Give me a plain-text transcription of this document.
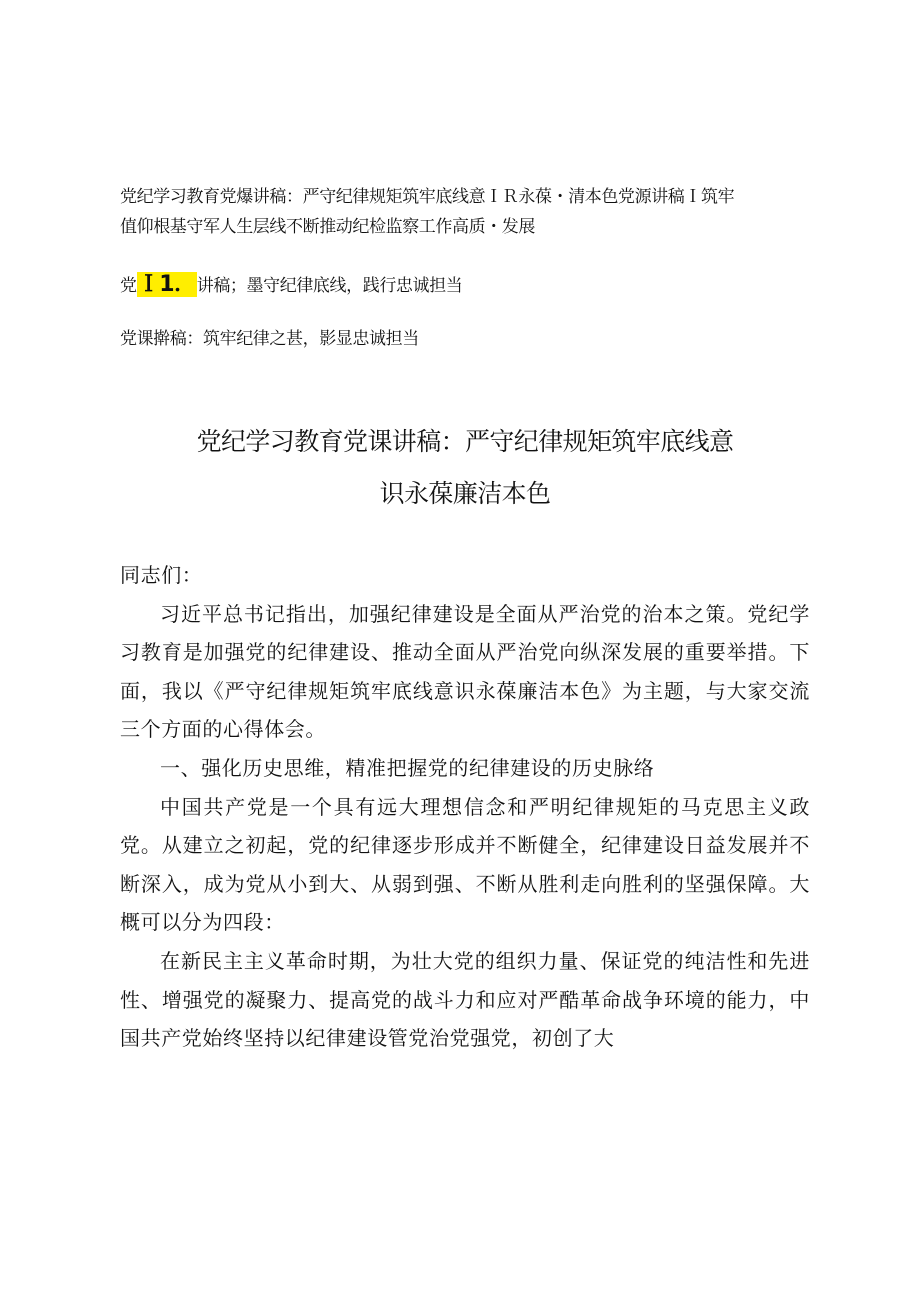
党纪学习教育党爆讲稿：严守纪律规矩筑牢底线意ＩＲ永葆・清本色党源讲稿Ｉ筑牢
值仰根基守军人生层线不断推动纪检监察工作高质・发展
党Ｉ1．讲稿；墨守纪律底线，践行忠诚担当
党课擀稿：筑牢纪律之甚，影显忠诚担当
党纪学习教育党课讲稿：严守纪律规矩筑牢底线意
识永葆廉洁本色

同志们：

习近平总书记指出，加强纪律建设是全面从严治党的治本之策。党纪学习教育是加强党的纪律建设、推动全面从严治党向纵深发展的重要举措。下面，我以《严守纪律规矩筑牢底线意识永葆廉洁本色》为主题，与大家交流三个方面的心得体会。

一、强化历史思维，精准把握党的纪律建设的历史脉络

中国共产党是一个具有远大理想信念和严明纪律规矩的马克思主义政党。从建立之初起，党的纪律逐步形成并不断健全，纪律建设日益发展并不断深入，成为党从小到大、从弱到强、不断从胜利走向胜利的坚强保障。大概可以分为四段：

在新民主主义革命时期，为壮大党的组织力量、保证党的纯洁性和先进性、增强党的凝聚力、提高党的战斗力和应对严酷革命战争环境的能力，中国共产党始终坚持以纪律建设管党治党强党，初创了大
